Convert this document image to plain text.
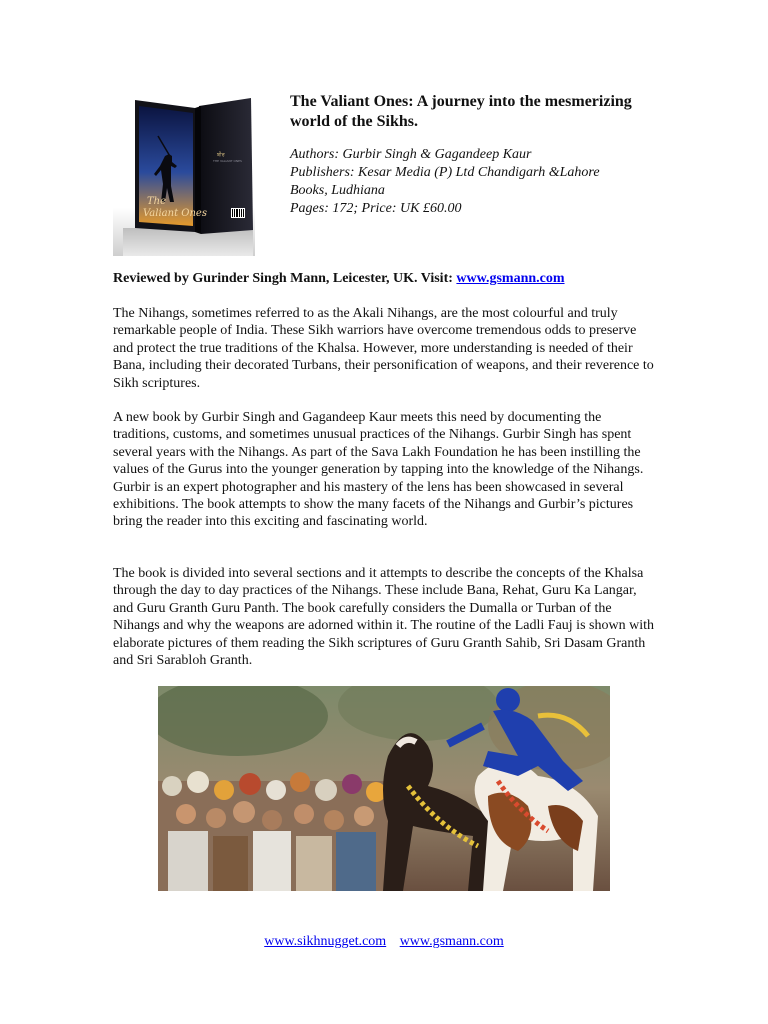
ਬੀਰ
THE VALIANT ONES
The
Valiant Ones

The Valiant Ones: A journey into the mesmerizing world of the Sikhs.

Authors: Gurbir Singh & Gagandeep Kaur
Publishers: Kesar Media (P) Ltd Chandigarh &Lahore
Books, Ludhiana
Pages: 172; Price: UK £60.00
Reviewed by Gurinder Singh Mann, Leicester, UK. Visit: www.gsmann.com

The Nihangs, sometimes referred to as the Akali Nihangs, are the most colourful and truly remarkable people of India. These Sikh warriors have overcome tremendous odds to preserve and protect the true traditions of the Khalsa. However, more understanding is needed of their Bana, including their decorated Turbans, their personification of weapons, and their reverence to Sikh scriptures.

A new book by Gurbir Singh and Gagandeep Kaur meets this need by documenting the traditions, customs, and sometimes unusual practices of the Nihangs. Gurbir Singh has spent several years with the Nihangs. As part of the Sava Lakh Foundation he has been instilling the values of the Gurus into the younger generation by tapping into the knowledge of the Nihangs. Gurbir is an expert photographer and his mastery of the lens has been showcased in several exhibitions. The book attempts to show the many facets of the Nihangs and Gurbir’s pictures bring the reader into this exciting and fascinating world.

The book is divided into several sections and it attempts to describe the concepts of the Khalsa through the day to day practices of the Nihangs. These include Bana, Rehat, Guru Ka Langar, and Guru Granth Guru Panth. The book carefully considers the Dumalla or Turban of the Nihangs and why the weapons are adorned within it. The routine of the Ladli Fauj is shown with elaborate pictures of them reading the Sikh scriptures of Guru Granth Sahib, Sri Dasam Granth and Sri Sarabloh Granth.

www.sikhnugget.com www.gsmann.com
